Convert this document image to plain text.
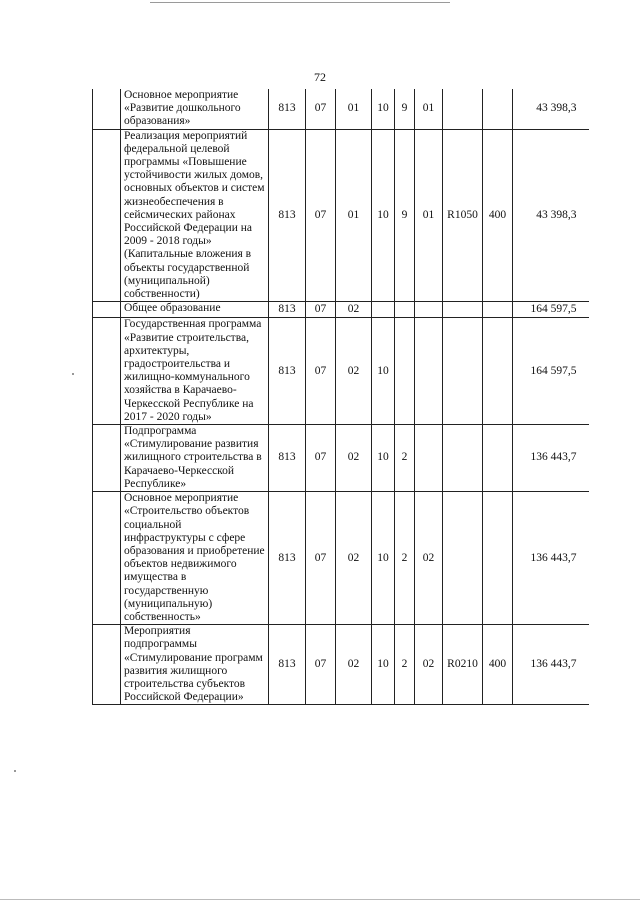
72
	Основное мероприятие «Развитие дошкольного образования»	813	07	01	10	9	01			43 398,3
	Реализация мероприятий федеральной целевой программы «Повышение устойчивости жилых домов, основных объектов и систем жизнеобеспечения в сейсмических районах Российской Федерации на 2009 - 2018 годы» (Капитальные вложения в объекты государственной (муниципальной) собственности)	813	07	01	10	9	01	R1050	400	43 398,3
	Общее образование	813	07	02						164 597,5
	Государственная программа «Развитие строительства, архитектуры, градостроительства и жилищно-коммунального хозяйства в Карачаево-Черкесской Республике на 2017 - 2020 годы»	813	07	02	10					164 597,5
	Подпрограмма «Стимулирование развития жилищного строительства в Карачаево-Черкесской Республике»	813	07	02	10	2				136 443,7
	Основное мероприятие «Строительство объектов социальной инфраструктуры с сфере образования и приобретение объектов недвижимого имущества в государственную (муниципальную) собственность»	813	07	02	10	2	02			136 443,7
	Мероприятия подпрограммы «Стимулирование программ развития жилищного строительства субъектов Российской Федерации»	813	07	02	10	2	02	R0210	400	136 443,7
